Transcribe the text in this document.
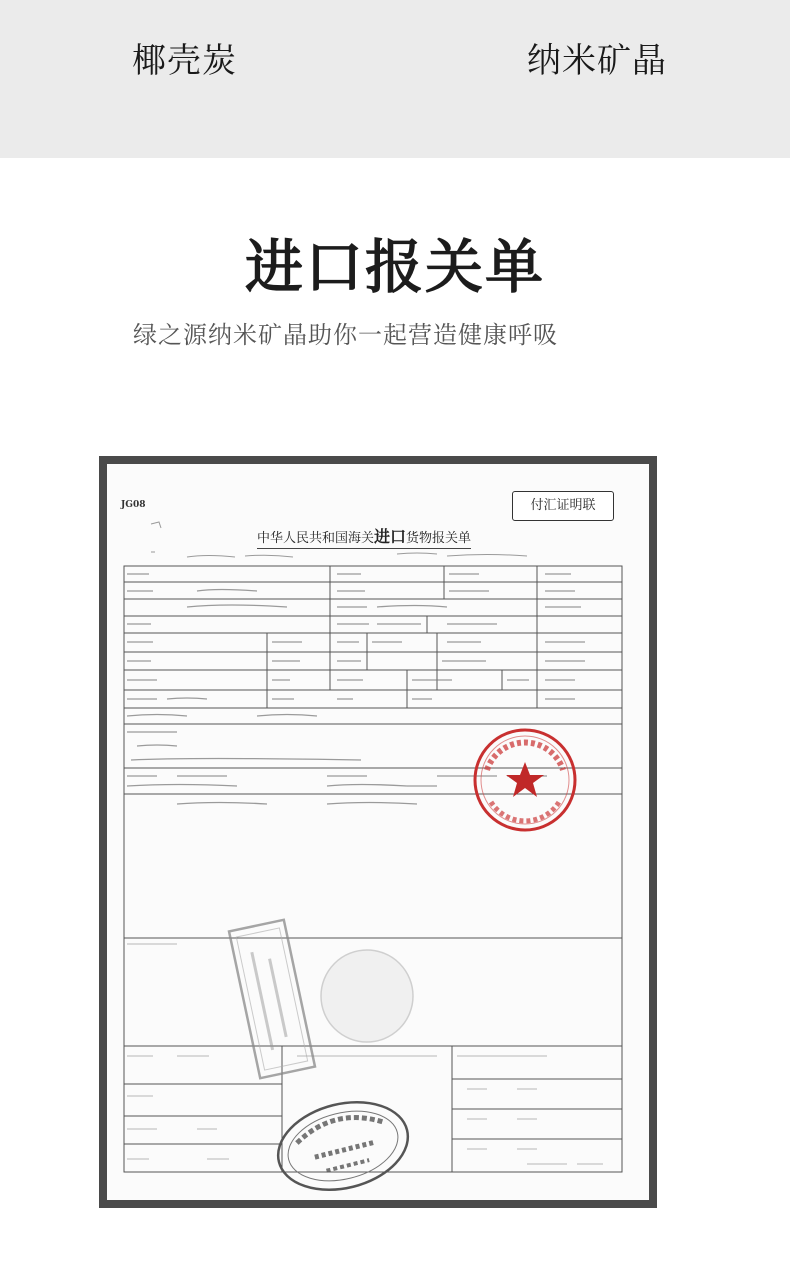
椰壳炭	纳米矿晶
进口报关单
绿之源纳米矿晶助你一起营造健康呼吸
JG08
中华人民共和国海关进口货物报关单
付汇证明联
